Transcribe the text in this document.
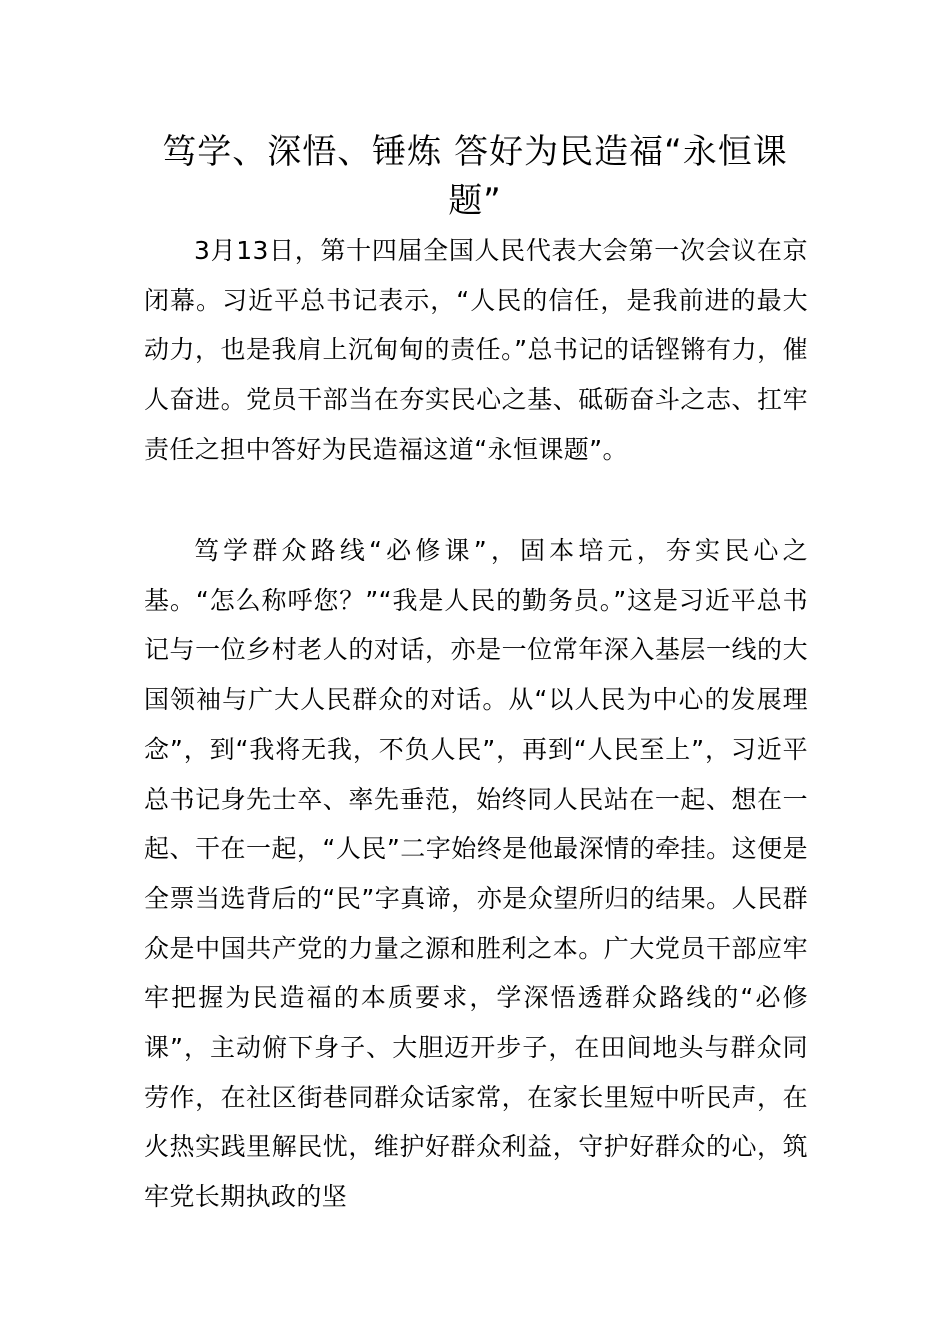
笃学、深悟、锤炼 答好为民造福“永恒课题”

3月13日，第十四届全国人民代表大会第一次会议在京闭幕。习近平总书记表示，“人民的信任，是我前进的最大动力，也是我肩上沉甸甸的责任。”总书记的话铿锵有力，催人奋进。党员干部当在夯实民心之基、砥砺奋斗之志、扛牢责任之担中答好为民造福这道“永恒课题”。

笃学群众路线“必修课”，固本培元，夯实民心之基。“怎么称呼您？”“我是人民的勤务员。”这是习近平总书记与一位乡村老人的对话，亦是一位常年深入基层一线的大国领袖与广大人民群众的对话。从“以人民为中心的发展理念”，到“我将无我，不负人民”，再到“人民至上”，习近平总书记身先士卒、率先垂范，始终同人民站在一起、想在一起、干在一起，“人民”二字始终是他最深情的牵挂。这便是全票当选背后的“民”字真谛，亦是众望所归的结果。人民群众是中国共产党的力量之源和胜利之本。广大党员干部应牢牢把握为民造福的本质要求，学深悟透群众路线的“必修课”，主动俯下身子、大胆迈开步子，在田间地头与群众同劳作，在社区街巷同群众话家常，在家长里短中听民声，在火热实践里解民忧，维护好群众利益，守护好群众的心，筑牢党长期执政的坚
